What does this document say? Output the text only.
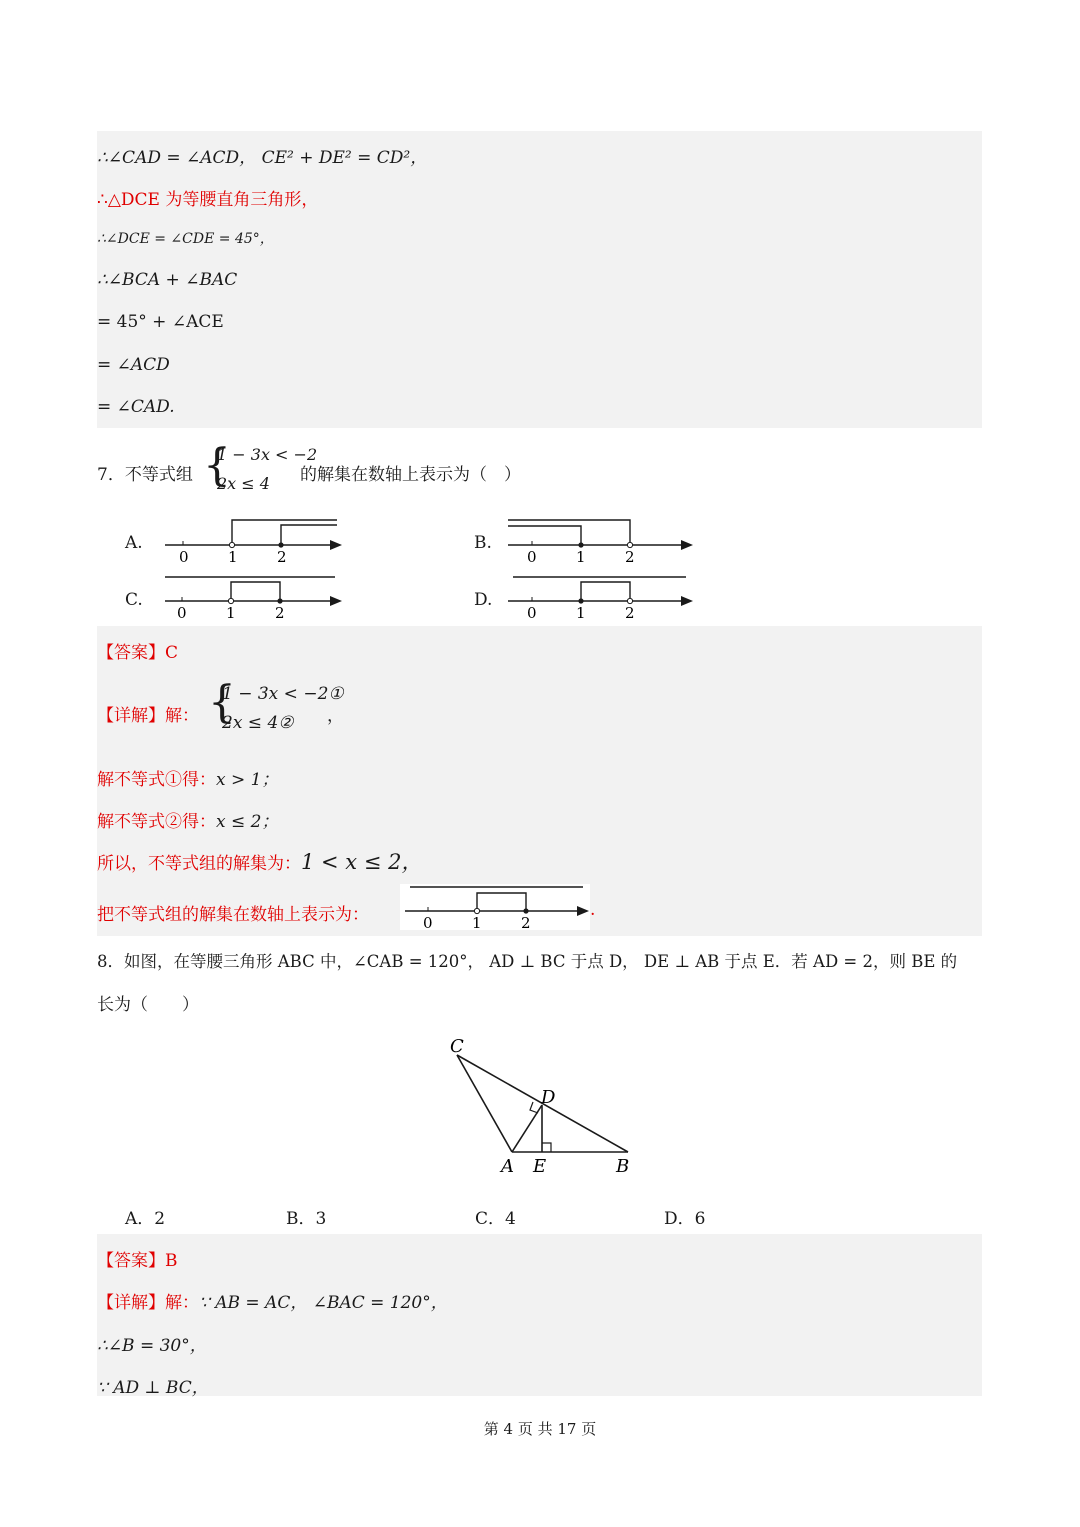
∴∠CAD = ∠ACD， CE² + DE² = CD²，
∴△DCE 为等腰直角三角形，
∴∠DCE = ∠CDE = 45°，
∴∠BCA + ∠BAC
= 45° + ∠ACE
= ∠ACD
= ∠CAD.
7．不等式组 {
1 − 3x < −2
2x ≤ 4 的解集在数轴上表示为（　）
A.	B.
C.	D.
0	1	2	0	1	2
0	1	2	0	1	2
【答案】C
【详解】解： {
1 − 3x < −2①
2x ≤ 4② ，
解不等式①得：x > 1；
解不等式②得：x ≤ 2；
所以，不等式组的解集为：1 < x ≤ 2，
把不等式组的解集在数轴上表示为：	0	1	2
.
8．如图，在等腰三角形 ABC 中，∠CAB = 120°， AD ⊥ BC 于点 D， DE ⊥ AB 于点 E．若 AD = 2，则 BE 的
长为（　　）
C
D
A E	B
A．2	B．3	C．4	D．6
【答案】B
【详解】解：∵ AB = AC， ∠BAC = 120°，
∴∠B = 30°，
∵ AD ⊥ BC，
第 4 页 共 17 页
